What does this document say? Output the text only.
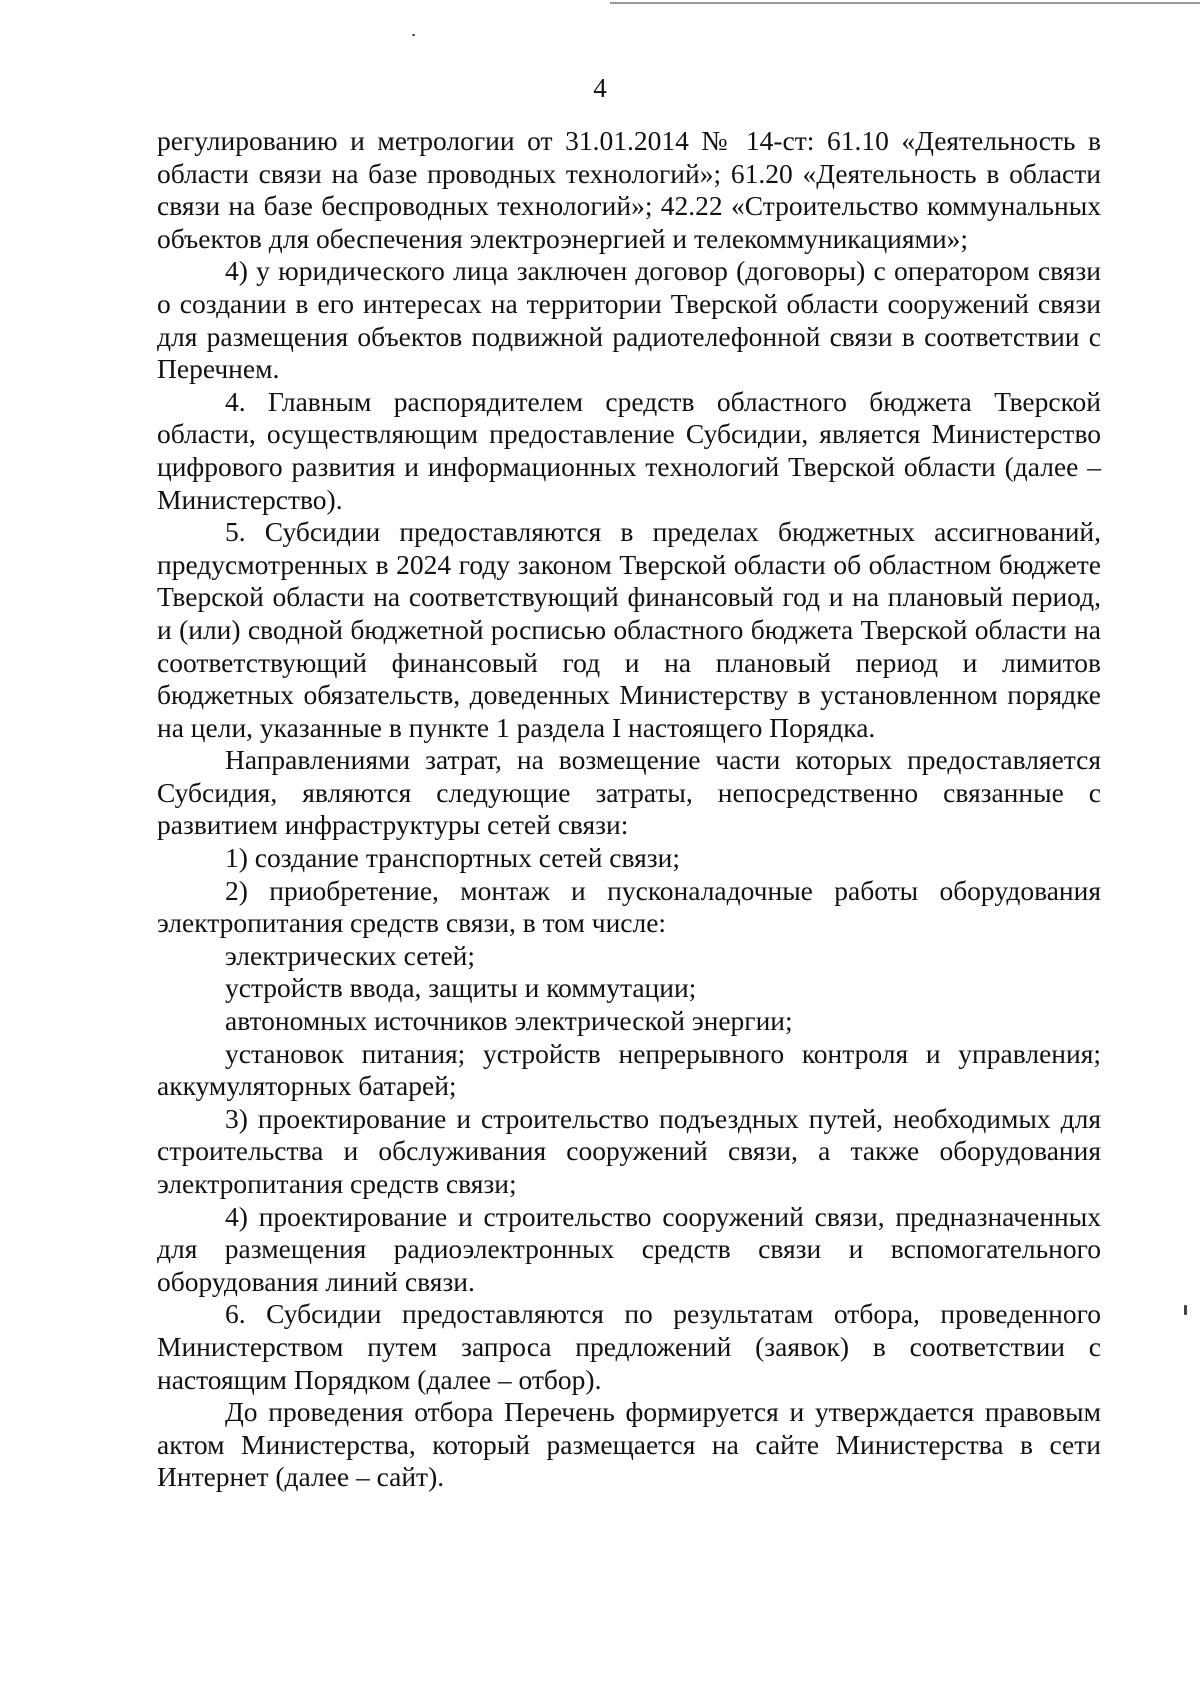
4

регулированию и метрологии от 31.01.2014 № 14-ст: 61.10 «Деятельность в области связи на базе проводных технологий»; 61.20 «Деятельность в области связи на базе беспроводных технологий»; 42.22 «Строительство коммунальных объектов для обеспечения электроэнергией и телекоммуникациями»;

4) у юридического лица заключен договор (договоры) с оператором связи о создании в его интересах на территории Тверской области сооружений связи для размещения объектов подвижной радиотелефонной связи в соответствии с Перечнем.

4. Главным распорядителем средств областного бюджета Тверской области, осуществляющим предоставление Субсидии, является Министерство цифрового развития и информационных технологий Тверской области (далее – Министерство).

5. Субсидии предоставляются в пределах бюджетных ассигнований, предусмотренных в 2024 году законом Тверской области об областном бюджете Тверской области на соответствующий финансовый год и на плановый период, и (или) сводной бюджетной росписью областного бюджета Тверской области на соответствующий финансовый год и на плановый период и лимитов бюджетных обязательств, доведенных Министерству в установленном порядке на цели, указанные в пункте 1 раздела I настоящего Порядка.

Направлениями затрат, на возмещение части которых предоставляется Субсидия, являются следующие затраты, непосредственно связанные с развитием инфраструктуры сетей связи:

1) создание транспортных сетей связи;

2) приобретение, монтаж и пусконаладочные работы оборудования электропитания средств связи, в том числе:

электрических сетей;

устройств ввода, защиты и коммутации;

автономных источников электрической энергии;

установок питания; устройств непрерывного контроля и управления; аккумуляторных батарей;

3) проектирование и строительство подъездных путей, необходимых для строительства и обслуживания сооружений связи, а также оборудования электропитания средств связи;

4) проектирование и строительство сооружений связи, предназначенных для размещения радиоэлектронных средств связи и вспомогательного оборудования линий связи.

6. Субсидии предоставляются по результатам отбора, проведенного Министерством путем запроса предложений (заявок) в соответствии с настоящим Порядком (далее – отбор).

До проведения отбора Перечень формируется и утверждается правовым актом Министерства, который размещается на сайте Министерства в сети Интернет (далее – сайт).
